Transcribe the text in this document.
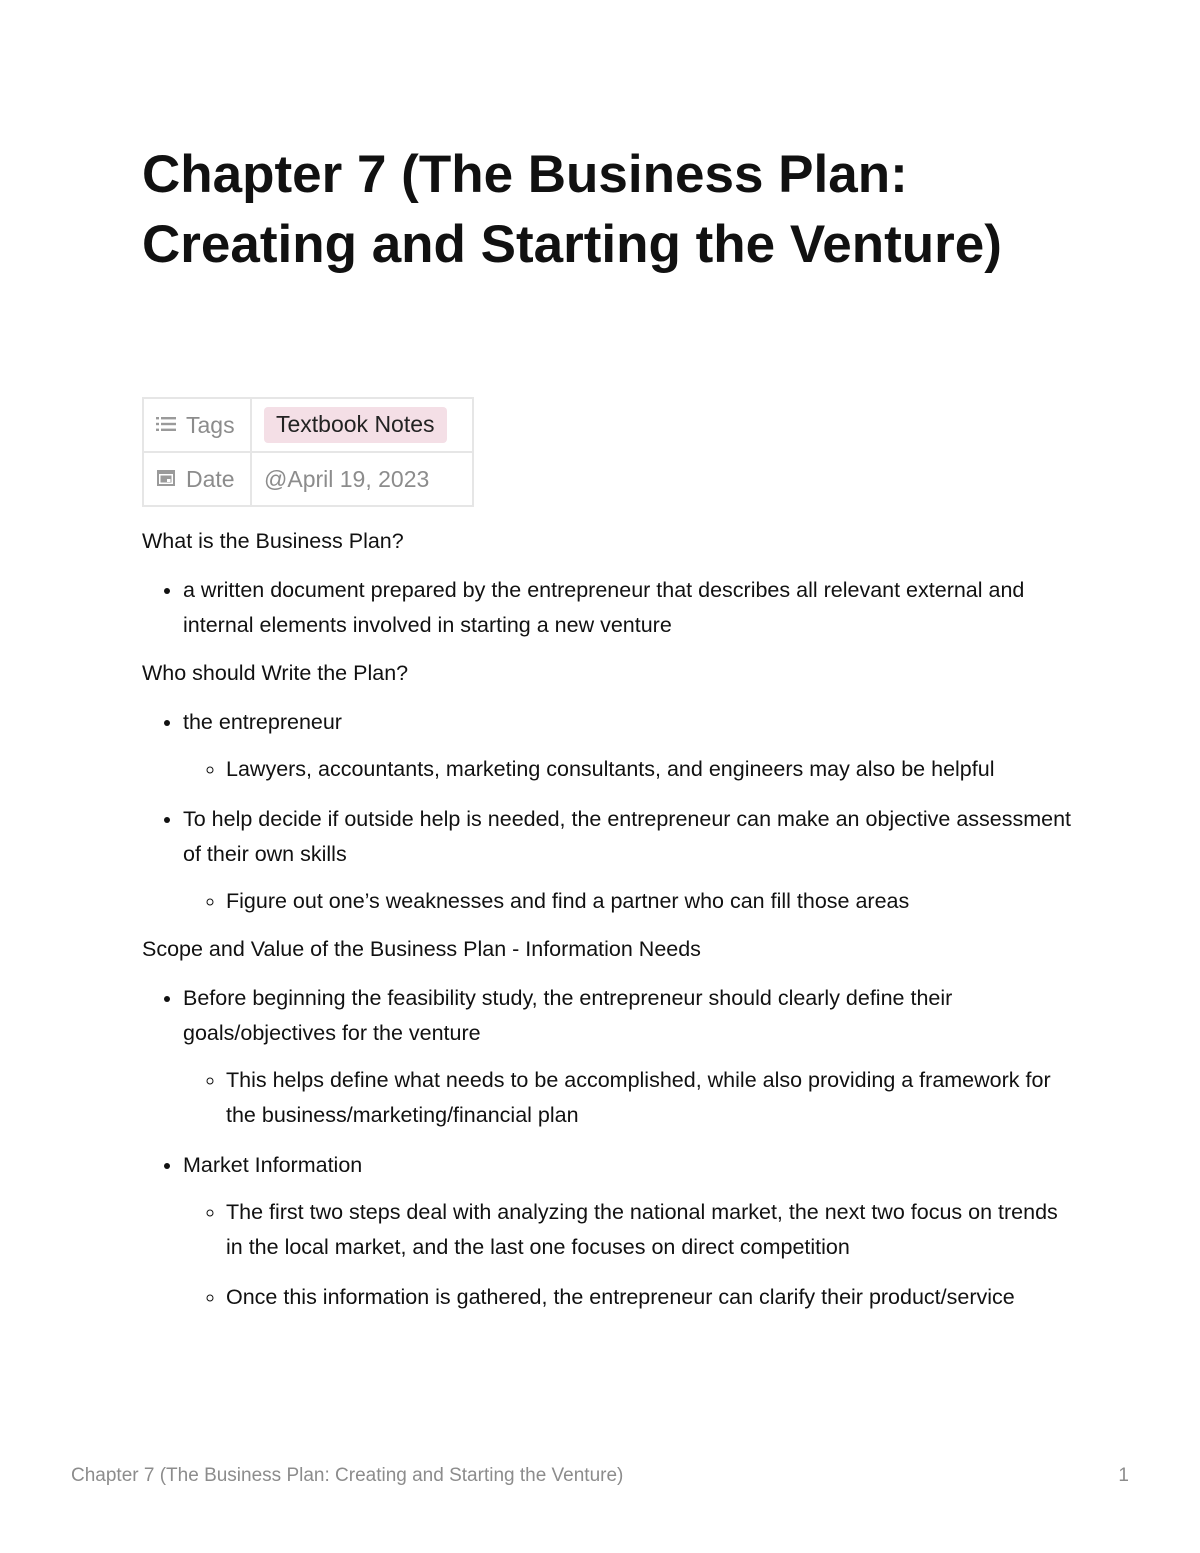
Chapter 7 (The Business Plan: Creating and Starting the Venture)
Tags	Textbook Notes
Date	@April 19, 2023

What is the Business Plan?

• a written document prepared by the entrepreneur that describes all relevant external and internal elements involved in starting a new venture

Who should Write the Plan?

• the entrepreneur
◦ Lawyers, accountants, marketing consultants, and engineers may also be helpful
• To help decide if outside help is needed, the entrepreneur can make an objective assessment of their own skills
◦ Figure out one’s weaknesses and find a partner who can fill those areas

Scope and Value of the Business Plan - Information Needs

• Before beginning the feasibility study, the entrepreneur should clearly define their goals/objectives for the venture
◦ This helps define what needs to be accomplished, while also providing a framework for the business/marketing/financial plan
• Market Information
◦ The first two steps deal with analyzing the national market, the next two focus on trends in the local market, and the last one focuses on direct competition
◦ Once this information is gathered, the entrepreneur can clarify their product/service
Chapter 7 (The Business Plan: Creating and Starting the Venture)	1
